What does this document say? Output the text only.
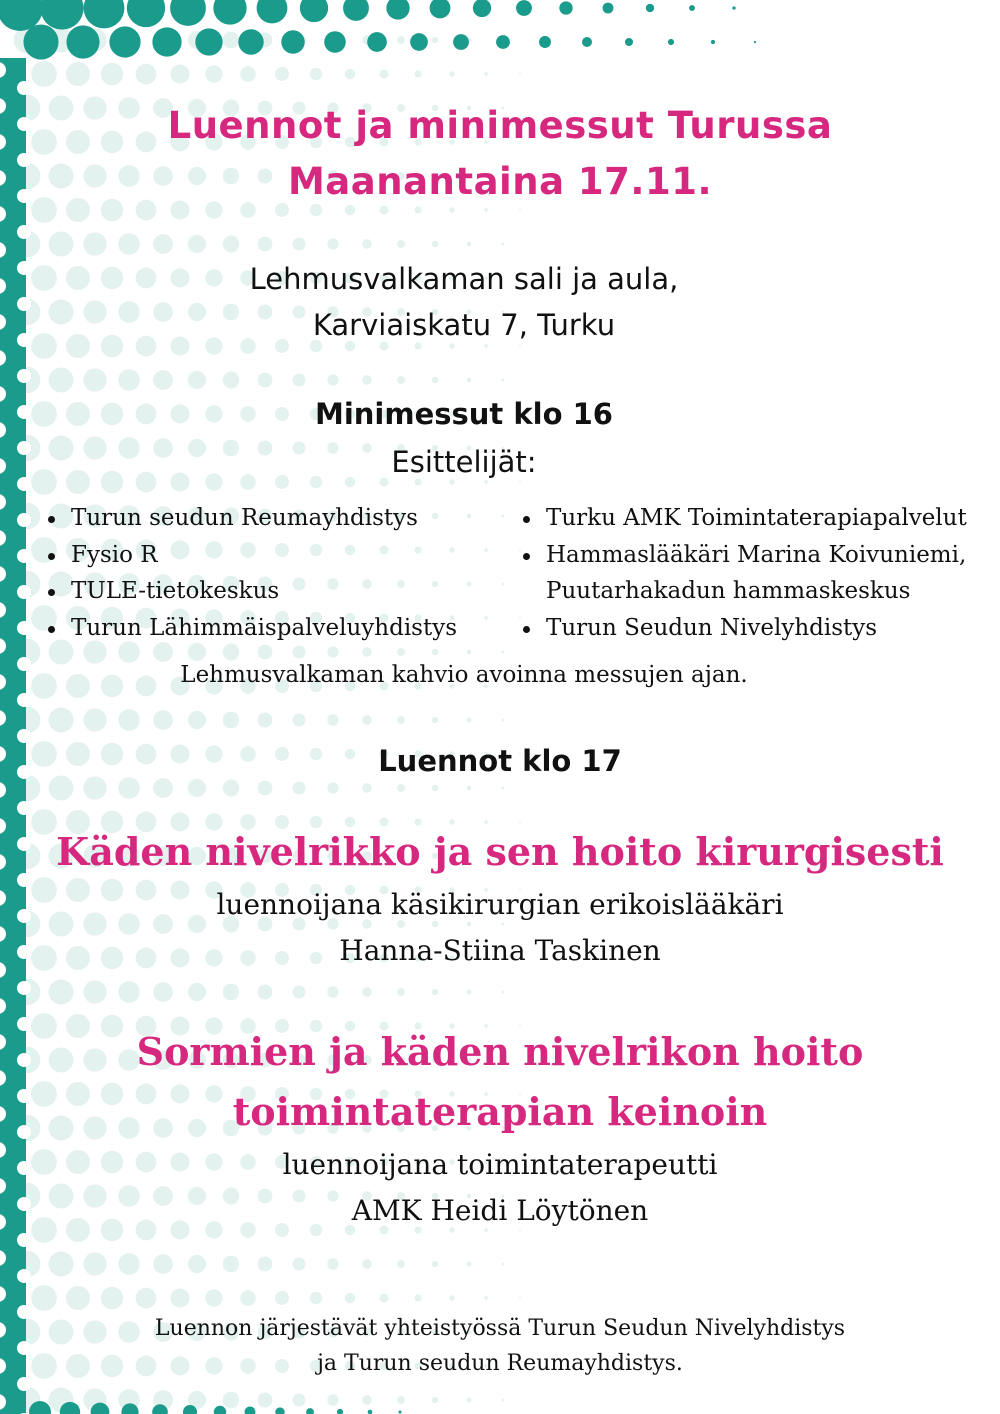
Luennot ja minimessut Turussa
Maanantaina 17.11.
Lehmusvalkaman sali ja aula,
Karviaiskatu 7, Turku
Minimessut klo 16
Esittelijät:
Turun seudun Reumayhdistys
Fysio R
TULE-tietokeskus
Turun Lähimmäispalveluyhdistys
Turku AMK Toimintaterapiapalvelut
Hammaslääkäri Marina Koivuniemi, Puutarhakadun hammaskeskus
Turun Seudun Nivelyhdistys
Lehmusvalkaman kahvio avoinna messujen ajan.
Luennot klo 17
Käden nivelrikko ja sen hoito kirurgisesti
luennoijana käsikirurgian erikoislääkäri
Hanna-Stiina Taskinen
Sormien ja käden nivelrikon hoito
toimintaterapian keinoin
luennoijana toimintaterapeutti
AMK Heidi Löytönen
Luennon järjestävät yhteistyössä Turun Seudun Nivelyhdistys
ja Turun seudun Reumayhdistys.
